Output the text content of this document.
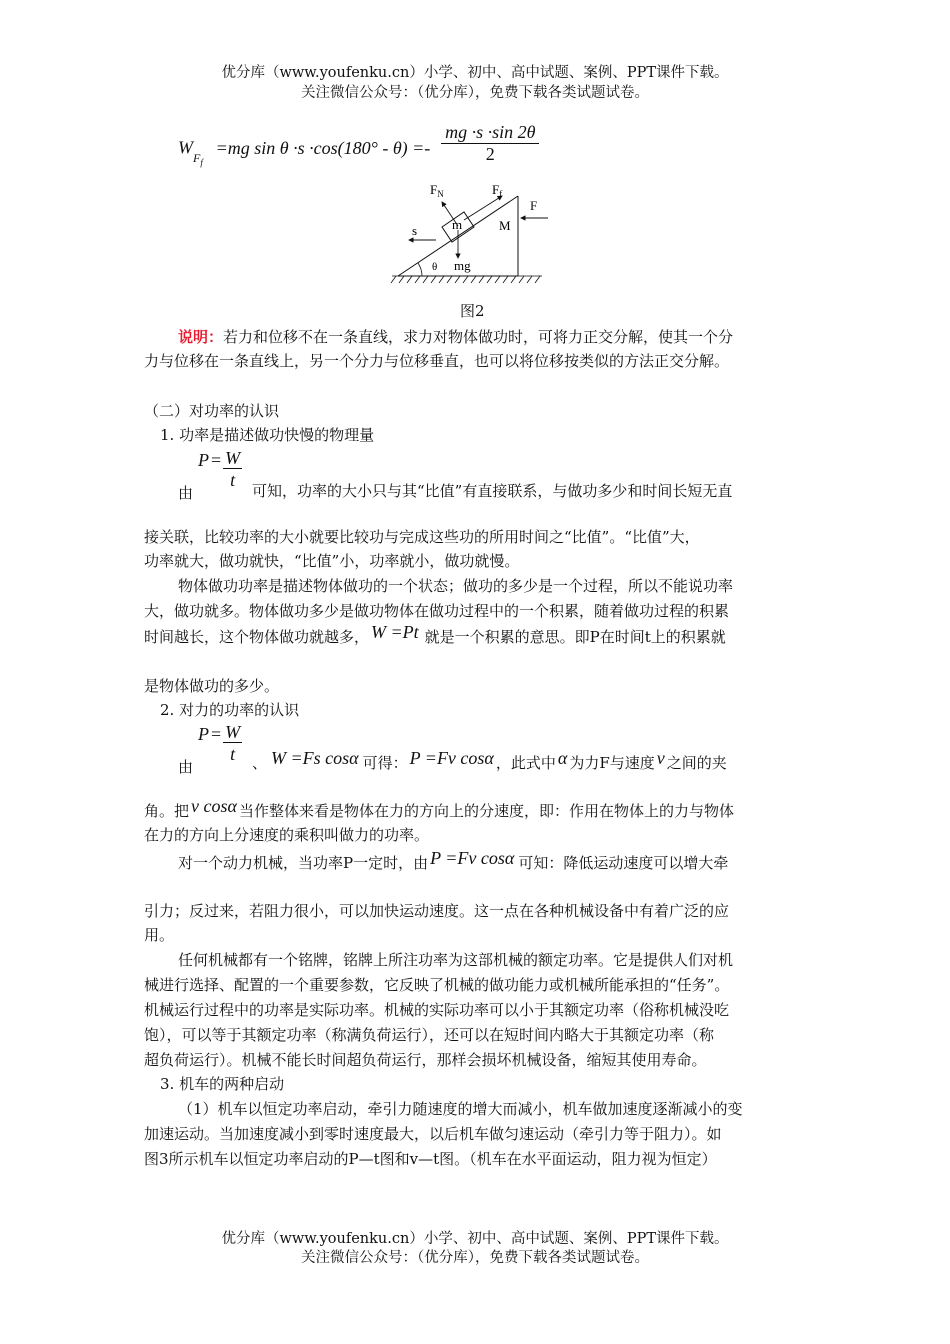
优分库（www.youfenku.cn）小学、初中、高中试题、案例、PPT课件下载。
关注微信公众号：（优分库），免费下载各类试题试卷。
$WF_f =mg$ $\sin \theta \cdot s \cdot\cos(180^\circ - \theta) =- \frac{mg \cdot s \cdot\sin 2\theta}{2}$
$F_N$	$F_f$
m	M
s
mg
θ
F
图2
说明：若力和位移不在一条直线，求力对物体做功时，可将力正交分解，使其一个分
力与位移在一条直线上，另一个分力与位移垂直，也可以将位移按类似的方法正交分解。
（二）对功率的认识
1. 功率是描述做功快慢的物理量
$P = \frac{W}{t}$
由	可知，功率的大小只与其“比值”有直接联系，与做功多少和时间长短无直
接关联，比较功率的大小就要比较功与完成这些功的所用时间之“比值”。“比值”大，
功率就大，做功就快，“比值”小，功率就小，做功就慢。
物体做功功率是描述物体做功的一个状态；做功的多少是一个过程，所以不能说功率
大，做功就多。物体做功多少是做功物体在做功过程中的一个积累，随着做功过程的积累
时间越长，这个物体做功就越多， W =Pt 就是一个积累的意思。即P在时间t上的积累就
是物体做功的多少。
2. 对力的功率的认识
$P = \frac{W}{t}$
由	、 W =Fs cosα 可得： P =Fv cosα ，此式中 α 为力F与速度 v 之间的夹
角。把 v cosα 当作整体来看是物体在力的方向上的分速度，即：作用在物体上的力与物体
在力的方向上分速度的乘积叫做力的功率。
对一个动力机械，当功率P一定时，由 P =Fv cosα 可知：降低运动速度可以增大牵
引力；反过来，若阻力很小，可以加快运动速度。这一点在各种机械设备中有着广泛的应
用。
任何机械都有一个铭牌，铭牌上所注功率为这部机械的额定功率。它是提供人们对机
械进行选择、配置的一个重要参数，它反映了机械的做功能力或机械所能承担的“任务”。
机械运行过程中的功率是实际功率。机械的实际功率可以小于其额定功率（俗称机械没吃
饱），可以等于其额定功率（称满负荷运行），还可以在短时间内略大于其额定功率（称
超负荷运行）。机械不能长时间超负荷运行，那样会损坏机械设备，缩短其使用寿命。
3. 机车的两种启动
（1）机车以恒定功率启动，牵引力随速度的增大而减小，机车做加速度逐渐减小的变
加速运动。当加速度减小到零时速度最大，以后机车做匀速运动（牵引力等于阻力）。如
图3所示机车以恒定功率启动的P—t图和v—t图。（机车在水平面运动，阻力视为恒定）
优分库（www.youfenku.cn）小学、初中、高中试题、案例、PPT课件下载。
关注微信公众号：（优分库），免费下载各类试题试卷。
